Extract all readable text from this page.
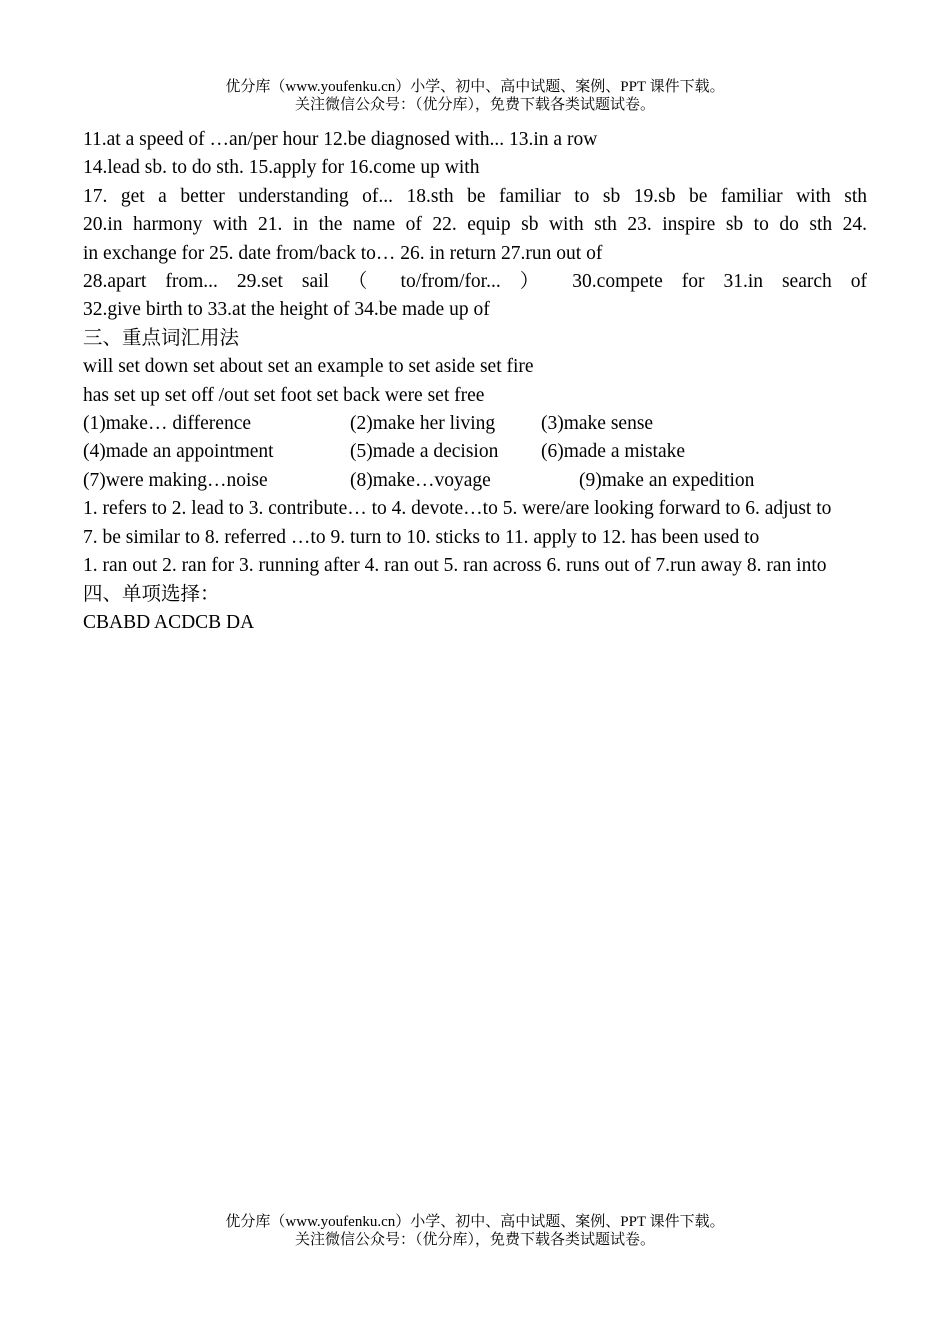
优分库（www.youfenku.cn）小学、初中、高中试题、案例、PPT 课件下载。
关注微信公众号：（优分库），免费下载各类试题试卷。
11.at a speed of …an/per hour 12.be diagnosed with... 13.in a row
14.lead sb. to do sth. 15.apply for 16.come up with
17. get a better understanding of... 18.sth be familiar to sb 19.sb be familiar with sth
20.in harmony with 21. in the name of 22. equip sb with sth 23. inspire sb to do sth 24.
in exchange for 25. date from/back to… 26. in return 27.run out of
28.apart from... 29.set sail （ to/from/for... ） 30.compete for 31.in search of
32.give birth to 33.at the height of 34.be made up of
三、重点词汇用法
will set down set about set an example to set aside set fire
has set up set off /out set foot set back were set free
(1)make… difference	(2)make her living	(3)make sense
(4)made an appointment	(5)made a decision	(6)made a mistake
(7)were making…noise	(8)make…voyage	(9)make an expedition
1. refers to 2. lead to 3. contribute… to 4. devote…to 5. were/are looking forward to 6. adjust to
7. be similar to 8. referred …to 9. turn to 10. sticks to 11. apply to 12. has been used to
1. ran out 2. ran for 3. running after 4. ran out 5. ran across 6. runs out of 7.run away 8. ran into
四、单项选择：
CBABD ACDCB DA
优分库（www.youfenku.cn）小学、初中、高中试题、案例、PPT 课件下载。
关注微信公众号：（优分库），免费下载各类试题试卷。
